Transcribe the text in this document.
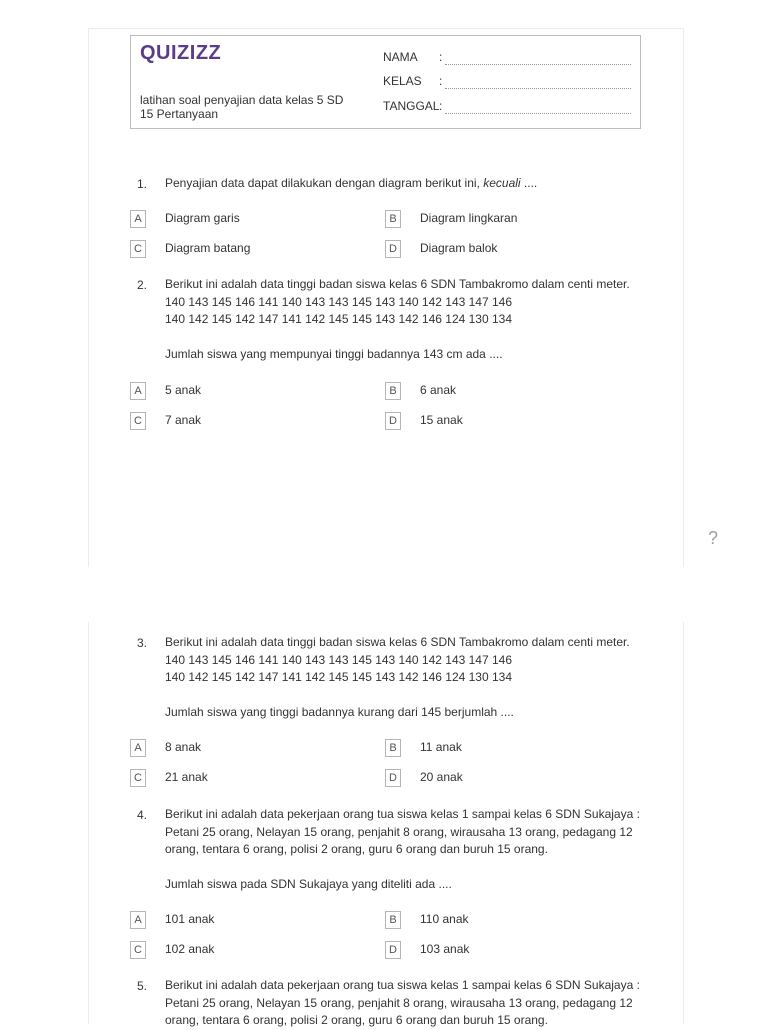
QUIZIZZ
latihan soal penyajian data kelas 5 SD
15 Pertanyaan
NAMA :
KELAS :
TANGGAL:
1.	Penyajian data dapat dilakukan dengan diagram berikut ini, kecuali ....
A	Diagram garis	B	Diagram lingkaran
C	Diagram batang	D	Diagram balok
2.	Berikut ini adalah data tinggi badan siswa kelas 6 SDN Tambakromo dalam centi meter.
140 143 145 146 141 140 143 143 145 143 140 142 143 147 146
140 142 145 142 147 141 142 145 145 143 142 146 124 130 134
Jumlah siswa yang mempunyai tinggi badannya 143 cm ada ....
A	5 anak	B	6 anak
C	7 anak	D	15 anak
?
3.	Berikut ini adalah data tinggi badan siswa kelas 6 SDN Tambakromo dalam centi meter.
140 143 145 146 141 140 143 143 145 143 140 142 143 147 146
140 142 145 142 147 141 142 145 145 143 142 146 124 130 134
Jumlah siswa yang tinggi badannya kurang dari 145 berjumlah ....
A	8 anak	B	11 anak
C	21 anak	D	20 anak
4.	Berikut ini adalah data pekerjaan orang tua siswa kelas 1 sampai kelas 6 SDN Sukajaya :
Petani 25 orang, Nelayan 15 orang, penjahit 8 orang, wirausaha 13 orang, pedagang 12
orang, tentara 6 orang, polisi 2 orang, guru 6 orang dan buruh 15 orang.
Jumlah siswa pada SDN Sukajaya yang diteliti ada ....
A	101 anak	B	110 anak
C	102 anak	D	103 anak
5.	Berikut ini adalah data pekerjaan orang tua siswa kelas 1 sampai kelas 6 SDN Sukajaya :
Petani 25 orang, Nelayan 15 orang, penjahit 8 orang, wirausaha 13 orang, pedagang 12
orang, tentara 6 orang, polisi 2 orang, guru 6 orang dan buruh 15 orang.
